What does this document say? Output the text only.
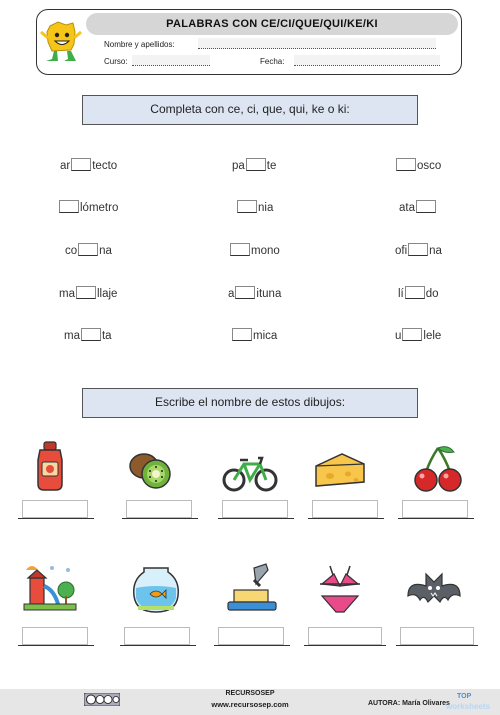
PALABRAS CON CE/CI/QUE/QUI/KE/KI
Nombre y apellidos:
Curso:	Fecha:
Completa con ce, ci, que, qui, ke o ki:
ar tecto	pa te	osco
lómetro	nia	ata
co na	mono	ofi na
ma llaje	a ituna	lí do
ma ta	mica	u lele
Escribe el nombre de estos dibujos:
RECURSOSEP
www.recursosep.com	AUTORA: María Olivares
TOP
worksheets
